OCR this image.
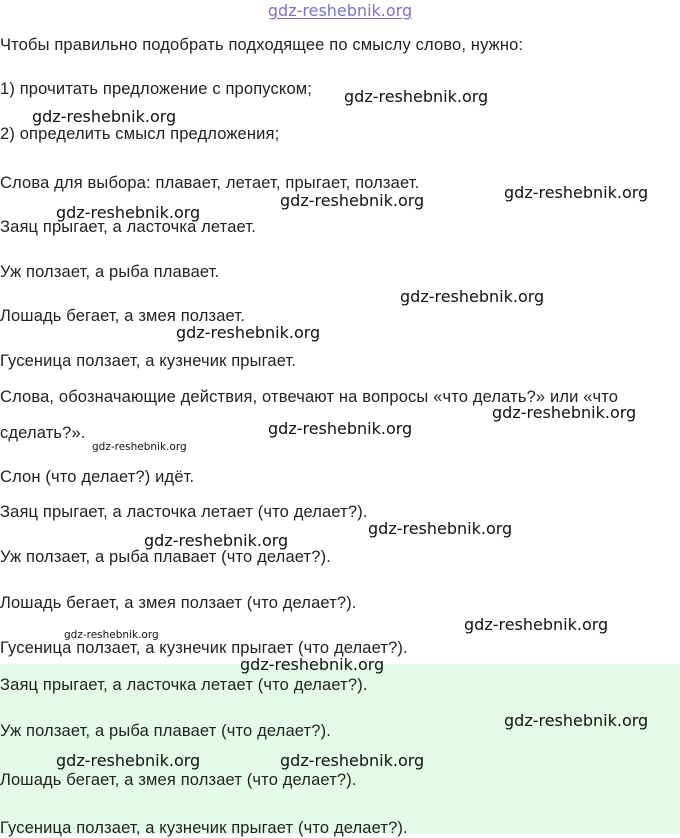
gdz-reshebnik.org

Чтобы правильно подобрать подходящее по смыслу слово, нужно:

1) прочитать предложение с пропуском;

2) определить смысл предложения;

Слова для выбора: плавает, летает, прыгает, ползает.

Заяц прыгает, а ласточка летает.

Уж ползает, а рыба плавает.

Лошадь бегает, а змея ползает.

Гусеница ползает, а кузнечик прыгает.

Слова, обозначающие действия, отвечают на вопросы «что делать?» или «что

сделать?».

Слон (что делает?) идёт.

Заяц прыгает, а ласточка летает (что делает?).

Уж ползает, а рыба плавает (что делает?).

Лошадь бегает, а змея ползает (что делает?).

Гусеница ползает, а кузнечик прыгает (что делает?).

Заяц прыгает, а ласточка летает (что делает?).

Уж ползает, а рыба плавает (что делает?).

Лошадь бегает, а змея ползает (что делает?).

Гусеница ползает, а кузнечик прыгает (что делает?).

gdz-reshebnik.org
gdz-reshebnik.org
gdz-reshebnik.org
gdz-reshebnik.org
gdz-reshebnik.org
gdz-reshebnik.org
gdz-reshebnik.org
gdz-reshebnik.org
gdz-reshebnik.org
gdz-reshebnik.org
gdz-reshebnik.org
gdz-reshebnik.org
gdz-reshebnik.org
gdz-reshebnik.org
gdz-reshebnik.org
gdz-reshebnik.org
gdz-reshebnik.org	gdz-reshebnik.org
